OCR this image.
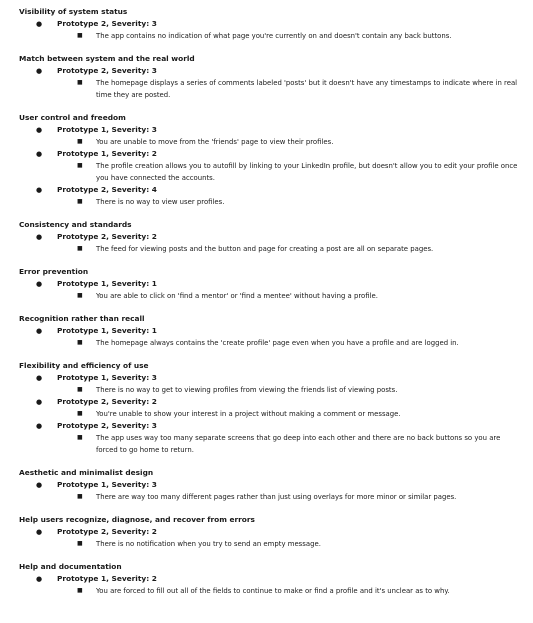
Visibility of system status
● Prototype 2, Severity: 3
■ The app contains no indication of what page you're currently on and doesn't contain any back buttons.
Match between system and the real world
● Prototype 2, Severity: 3
■ The homepage displays a series of comments labeled 'posts' but it doesn't have any timestamps to indicate where in real time they are posted.
User control and freedom
● Prototype 1, Severity: 3
■ You are unable to move from the 'friends' page to view their profiles.
● Prototype 1, Severity: 2
■ The profile creation allows you to autofill by linking to your LinkedIn profile, but doesn't allow you to edit your profile once you have connected the accounts.
● Prototype 2, Severity: 4
■ There is no way to view user profiles.
Consistency and standards
● Prototype 2, Severity: 2
■ The feed for viewing posts and the button and page for creating a post are all on separate pages.
Error prevention
● Prototype 1, Severity: 1
■ You are able to click on 'find a mentor' or 'find a mentee' without having a profile.
Recognition rather than recall
● Prototype 1, Severity: 1
■ The homepage always contains the 'create profile' page even when you have a profile and are logged in.
Flexibility and efficiency of use
● Prototype 1, Severity: 3
■ There is no way to get to viewing profiles from viewing the friends list of viewing posts.
● Prototype 2, Severity: 2
■ You're unable to show your interest in a project without making a comment or message.
● Prototype 2, Severity: 3
■ The app uses way too many separate screens that go deep into each other and there are no back buttons so you are forced to go home to return.
Aesthetic and minimalist design
● Prototype 1, Severity: 3
■ There are way too many different pages rather than just using overlays for more minor or similar pages.
Help users recognize, diagnose, and recover from errors
● Prototype 2, Severity: 2
■ There is no notification when you try to send an empty message.
Help and documentation
● Prototype 1, Severity: 2
■ You are forced to fill out all of the fields to continue to make or find a profile and it's unclear as to why.
